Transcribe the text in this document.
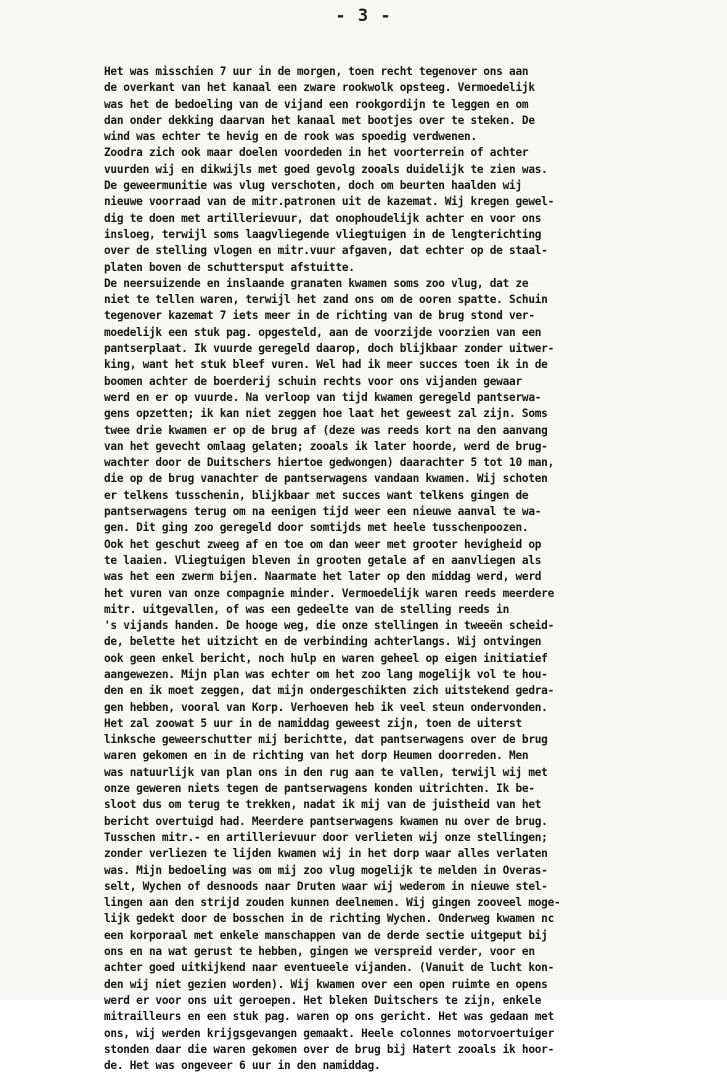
- 3 -
Het was misschien 7 uur in de morgen, toen recht tegenover ons aan
de overkant van het kanaal een zware rookwolk opsteeg. Vermoedelijk
was het de bedoeling van de vijand een rookgordijn te leggen en om
dan onder dekking daarvan het kanaal met bootjes over te steken. De
wind was echter te hevig en de rook was spoedig verdwenen.
Zoodra zich ook maar doelen voordeden in het voorterrein of achter
vuurden wij en dikwijls met goed gevolg zooals duidelijk te zien was.
De geweermunitie was vlug verschoten, doch om beurten haalden wij
nieuwe voorraad van de mitr.patronen uit de kazemat. Wij kregen gewel-
dig te doen met artillerievuur, dat onophoudelijk achter en voor ons
insloeg, terwijl soms laagvliegende vliegtuigen in de lengterichting
over de stelling vlogen en mitr.vuur afgaven, dat echter op de staal-
platen boven de schuttersput afstuitte.
De neersuizende en inslaande granaten kwamen soms zoo vlug, dat ze
niet te tellen waren, terwijl het zand ons om de ooren spatte. Schuin
tegenover kazemat 7 iets meer in de richting van de brug stond ver-
moedelijk een stuk pag. opgesteld, aan de voorzijde voorzien van een
pantserplaat. Ik vuurde geregeld daarop, doch blijkbaar zonder uitwer-
king, want het stuk bleef vuren. Wel had ik meer succes toen ik in de
boomen achter de boerderij schuin rechts voor ons vijanden gewaar
werd en er op vuurde. Na verloop van tijd kwamen geregeld pantserwa-
gens opzetten; ik kan niet zeggen hoe laat het geweest zal zijn. Soms
twee drie kwamen er op de brug af (deze was reeds kort na den aanvang
van het gevecht omlaag gelaten; zooals ik later hoorde, werd de brug-
wachter door de Duitschers hiertoe gedwongen) daarachter 5 tot 10 man,
die op de brug vanachter de pantserwagens vandaan kwamen. Wij schoten
er telkens tusschenin, blijkbaar met succes want telkens gingen de
pantserwagens terug om na eenigen tijd weer een nieuwe aanval te wa-
gen. Dit ging zoo geregeld door somtijds met heele tusschenpoozen.
Ook het geschut zweeg af en toe om dan weer met grooter hevigheid op
te laaien. Vliegtuigen bleven in grooten getale af en aanvliegen als
was het een zwerm bijen. Naarmate het later op den middag werd, werd
het vuren van onze compagnie minder. Vermoedelijk waren reeds meerdere
mitr. uitgevallen, of was een gedeelte van de stelling reeds in
's vijands handen. De hooge weg, die onze stellingen in tweeën scheid-
de, belette het uitzicht en de verbinding achterlangs. Wij ontvingen
ook geen enkel bericht, noch hulp en waren geheel op eigen initiatief
aangewezen. Mijn plan was echter om het zoo lang mogelijk vol te hou-
den en ik moet zeggen, dat mijn ondergeschikten zich uitstekend gedra-
gen hebben, vooral van Korp. Verhoeven heb ik veel steun ondervonden.
Het zal zoowat 5 uur in de namiddag geweest zijn, toen de uiterst
linksche geweerschutter mij berichtte, dat pantserwagens over de brug
waren gekomen en in de richting van het dorp Heumen doorreden. Men
was natuurlijk van plan ons in den rug aan te vallen, terwijl wij met
onze geweren niets tegen de pantserwagens konden uitrichten. Ik be-
sloot dus om terug te trekken, nadat ik mij van de juistheid van het
bericht overtuigd had. Meerdere pantserwagens kwamen nu over de brug.
Tusschen mitr.- en artillerievuur door verlieten wij onze stellingen;
zonder verliezen te lijden kwamen wij in het dorp waar alles verlaten
was. Mijn bedoeling was om mij zoo vlug mogelijk te melden in Overas-
selt, Wychen of desnoods naar Druten waar wij wederom in nieuwe stel-
lingen aan den strijd zouden kunnen deelnemen. Wij gingen zooveel moge-
lijk gedekt door de bosschen in de richting Wychen. Onderweg kwamen nc
een korporaal met enkele manschappen van de derde sectie uitgeput bij
ons en na wat gerust te hebben, gingen we verspreid verder, voor en
achter goed uitkijkend naar eventueele vijanden. (Vanuit de lucht kon-
den wij niet gezien worden). Wij kwamen over een open ruimte en opens
werd er voor ons uit geroepen. Het bleken Duitschers te zijn, enkele
mitrailleurs en een stuk pag. waren op ons gericht. Het was gedaan met
ons, wij werden krijgsgevangen gemaakt. Heele colonnes motorvoertuiger
stonden daar die waren gekomen over de brug bij Hatert zooals ik hoor-
de. Het was ongeveer 6 uur in den namiddag.
